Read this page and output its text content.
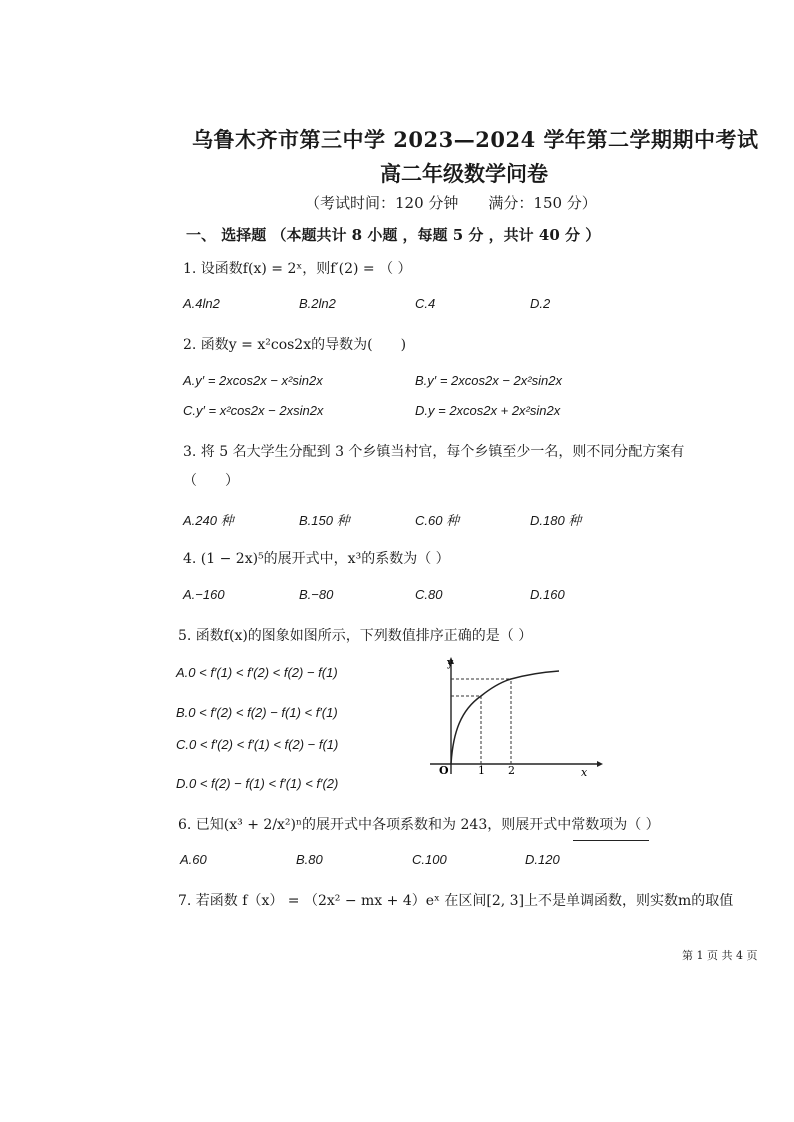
乌鲁木齐市第三中学 2023—2024 学年第二学期期中考试
高二年级数学问卷
（考试时间：120 分钟　　满分：150 分）
一、 选择题 （本题共计 8 小题 ，每题 5 分 ，共计 40 分 ）
1. 设函数f(x) = 2ˣ，则f′(2) = （ ）
A.4ln2	B.2ln2	C.4	D.2
2. 函数y = x²cos2x的导数为(　　)
A.y′ = 2xcos2x − x²sin2x	B.y′ = 2xcos2x − 2x²sin2x
C.y′ = x²cos2x − 2xsin2x	D.y = 2xcos2x + 2x²sin2x
3. 将 5 名大学生分配到 3 个乡镇当村官，每个乡镇至少一名，则不同分配方案有
（　　）
A.240 种	B.150 种	C.60 种	D.180 种
4. (1 − 2x)⁵的展开式中，x³的系数为（ ）
A.−160	B.−80	C.80	D.160
5. 函数f(x)的图象如图所示，下列数值排序正确的是（ ）
A.0 < f′(1) < f′(2) < f(2) − f(1)
B.0 < f′(2) < f(2) − f(1) < f′(1)
C.0 < f′(2) < f′(1) < f(2) − f(1)
D.0 < f(2) − f(1) < f′(1) < f′(2)
y
x
O	1 2
6. 已知(x³ + 2/x²)ⁿ的展开式中各项系数和为 243，则展开式中常数项为（ ）
A.60	B.80	C.100	D.120
7. 若函数 f（x） = （2x² − mx + 4）eˣ 在区间[2, 3]上不是单调函数，则实数m的取值
第 1 页 共 4 页
